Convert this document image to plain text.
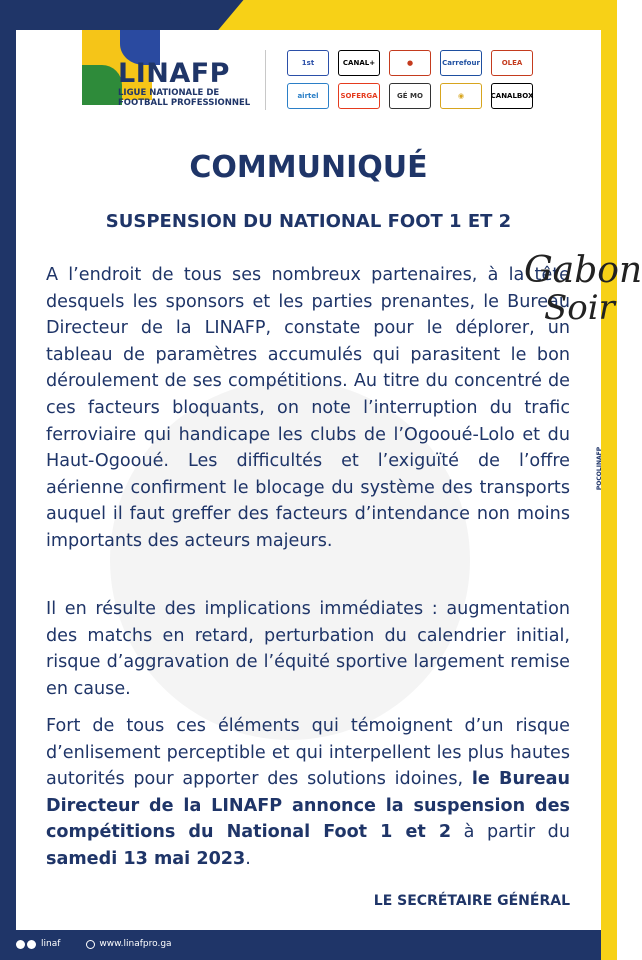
LINAFP
LIGUE NATIONALE DE
FOOTBALL PROFESSIONNEL
1st	CANAL+	●	Carrefour	OLEA
airtel	SOFERGA	GÉ MO	◉	CANALBOX
COMMUNIQUÉ
SUSPENSION DU NATIONAL FOOT 1 ET 2
A l’endroit de tous ses nombreux partenaires, à la tête desquels les sponsors et les parties prenantes, le Bureau Directeur de la LINAFP, constate pour le déplorer, un tableau de paramètres accumulés qui parasitent le bon déroulement de ses compétitions. Au titre du concentré de ces facteurs bloquants, on note l’interruption du trafic ferroviaire qui handicape les clubs de l’Ogooué-Lolo et du Haut-Ogooué. Les difficultés et l’exiguïté de l’offre aérienne confirment le blocage du système des transports auquel il faut greffer des facteurs d’intendance non moins importants des acteurs majeurs.
Il en résulte des implications immédiates : augmentation des matchs en retard, perturbation du calendrier initial, risque d’aggravation de l’équité sportive largement remise en cause.
Fort de tous ces éléments qui témoignent d’un risque d’enlisement perceptible et qui interpellent les plus hautes autorités pour apporter des solutions idoines, le Bureau Directeur de la LINAFP annonce la suspension des compétitions du National Foot 1 et 2 à partir du samedi 13 mai 2023.
LE SECRÉTAIRE GÉNÉRAL
POCOLINAFP
Gabon
Soir
linaf	www.linafpro.ga
